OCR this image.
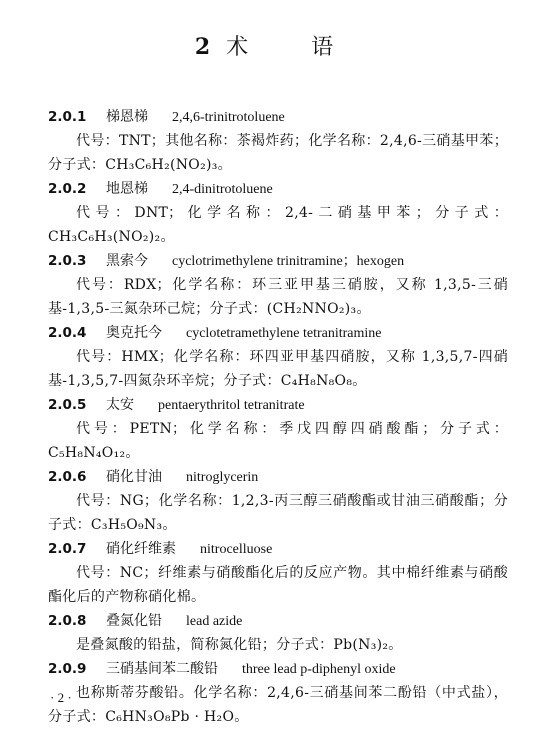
2 术 语
2.0.1 梯恩梯 2,4,6-trinitrotoluene

代号：TNT；其他名称：茶褐炸药；化学名称：2,4,6-三硝基甲苯；分子式：CH₃C₆H₂(NO₂)₃。

2.0.2 地恩梯 2,4-dinitrotoluene

代号：DNT；化学名称：2,4-二硝基甲苯；分子式：CH₃C₆H₃(NO₂)₂。

2.0.3 黑索今 cyclotrimethylene trinitramine；hexogen

代号：RDX；化学名称：环三亚甲基三硝胺，又称 1,3,5-三硝基-1,3,5-三氮杂环己烷；分子式：(CH₂NNO₂)₃。

2.0.4 奥克托今 cyclotetramethylene tetranitramine

代号：HMX；化学名称：环四亚甲基四硝胺，又称 1,3,5,7-四硝基-1,3,5,7-四氮杂环辛烷；分子式：C₄H₈N₈O₈。

2.0.5 太安 pentaerythritol tetranitrate

代号：PETN；化学名称：季戊四醇四硝酸酯；分子式：C₅H₈N₄O₁₂。

2.0.6 硝化甘油 nitroglycerin

代号：NG；化学名称：1,2,3-丙三醇三硝酸酯或甘油三硝酸酯；分子式：C₃H₅O₉N₃。

2.0.7 硝化纤维素 nitrocelluose

代号：NC；纤维素与硝酸酯化后的反应产物。其中棉纤维素与硝酸酯化后的产物称硝化棉。

2.0.8 叠氮化铅 lead azide

是叠氮酸的铅盐，简称氮化铅；分子式：Pb(N₃)₂。

2.0.9 三硝基间苯二酸铅 three lead p-diphenyl oxide

也称斯蒂芬酸铅。化学名称：2,4,6-三硝基间苯二酚铅（中式盐），分子式：C₆HN₃O₈Pb · H₂O。

· 2 ·
